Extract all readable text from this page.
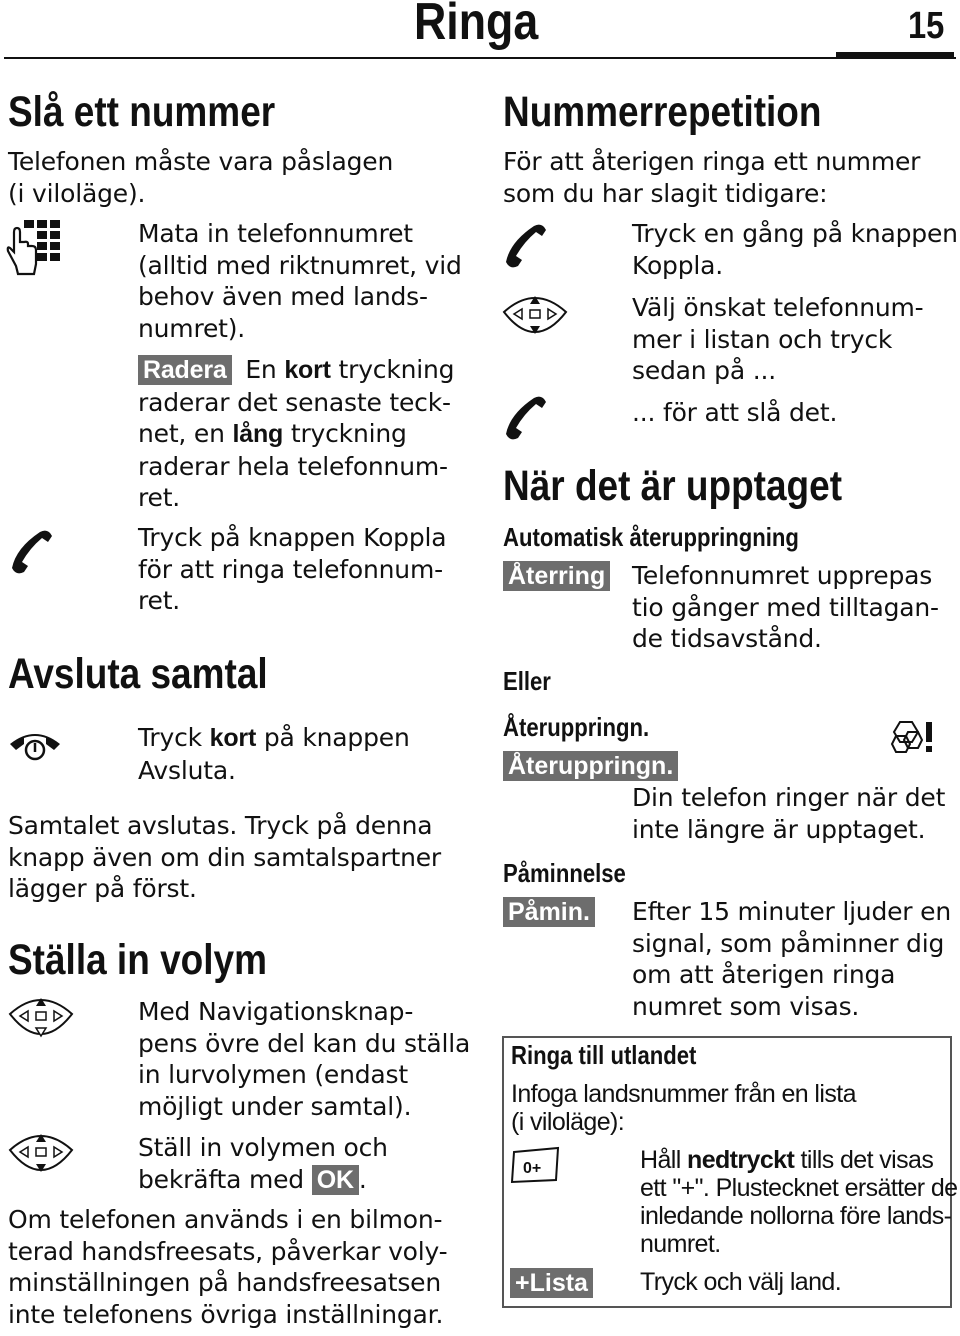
Ringa	15
Slå ett nummer
Telefonen måste vara påslagen
(i viloläge).
Mata in telefonnumret
(alltid med riktnumret, vid
behov även med lands-
numret).
Radera En kort tryckning
raderar det senaste teck-
net, en lång tryckning
raderar hela telefonnum-
ret.
Tryck på knappen Koppla
för att ringa telefonnum-
ret.
Avsluta samtal
Tryck kort på knappen
Avsluta.
Samtalet avslutas. Tryck på denna
knapp även om din samtalspartner
lägger på först.
Ställa in volym
Med Navigationsknap-
pens övre del kan du ställa
in lurvolymen (endast
möjligt under samtal).
Ställ in volymen och
bekräfta med OK .
Om telefonen används i en bilmon-
terad handsfreesats, påverkar voly-
minställningen på handsfreesatsen
inte telefonens övriga inställningar.
Nummerrepetition
För att återigen ringa ett nummer
som du har slagit tidigare:
Tryck en gång på knappen
Koppla.
Välj önskat telefonnum-
mer i listan och tryck
sedan på ...
... för att slå det.
När det är upptaget
Automatisk återuppringning
Återring Telefonnumret upprepas
tio gånger med tilltagan-
de tidsavstånd.
Eller
Återuppringn.
Återuppringn.
Din telefon ringer när det
inte längre är upptaget.
Påminnelse
Påmin. Efter 15 minuter ljuder en
signal, som påminner dig
om att återigen ringa
numret som visas.
Ringa till utlandet
Infoga landsnummer från en lista
(i viloläge):
0+	Håll nedtryckt tills det visas
ett "+". Plustecknet ersätter de
inledande nollorna före lands-
numret.
+Lista Tryck och välj land.
